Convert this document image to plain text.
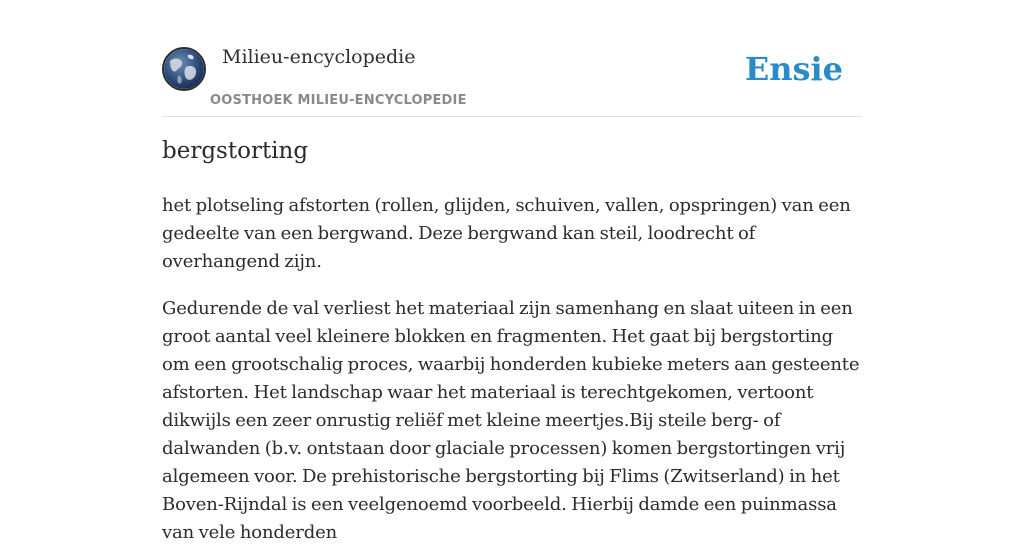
Milieu-encyclopedie
OOSTHOEK MILIEU-ENCYCLOPEDIE
Ensie
bergstorting

het plotseling afstorten (rollen, glijden, schuiven, vallen, opspringen) van een gedeelte van een bergwand. Deze bergwand kan steil, loodrecht of overhangend zijn.

Gedurende de val verliest het materiaal zijn samenhang en slaat uiteen in een groot aantal veel kleinere blokken en fragmenten. Het gaat bij bergstorting om een grootschalig proces, waarbij honderden kubieke meters aan gesteente afstorten. Het landschap waar het materiaal is terechtgekomen, vertoont dikwijls een zeer onrustig reliëf met kleine meertjes.Bij steile berg- of dalwanden (b.v. ontstaan door glaciale processen) komen bergstortingen vrij algemeen voor. De prehistorische bergstorting bij Flims (Zwitserland) in het Boven-Rijndal is een veelgenoemd voorbeeld. Hierbij damde een puinmassa van vele honderden
